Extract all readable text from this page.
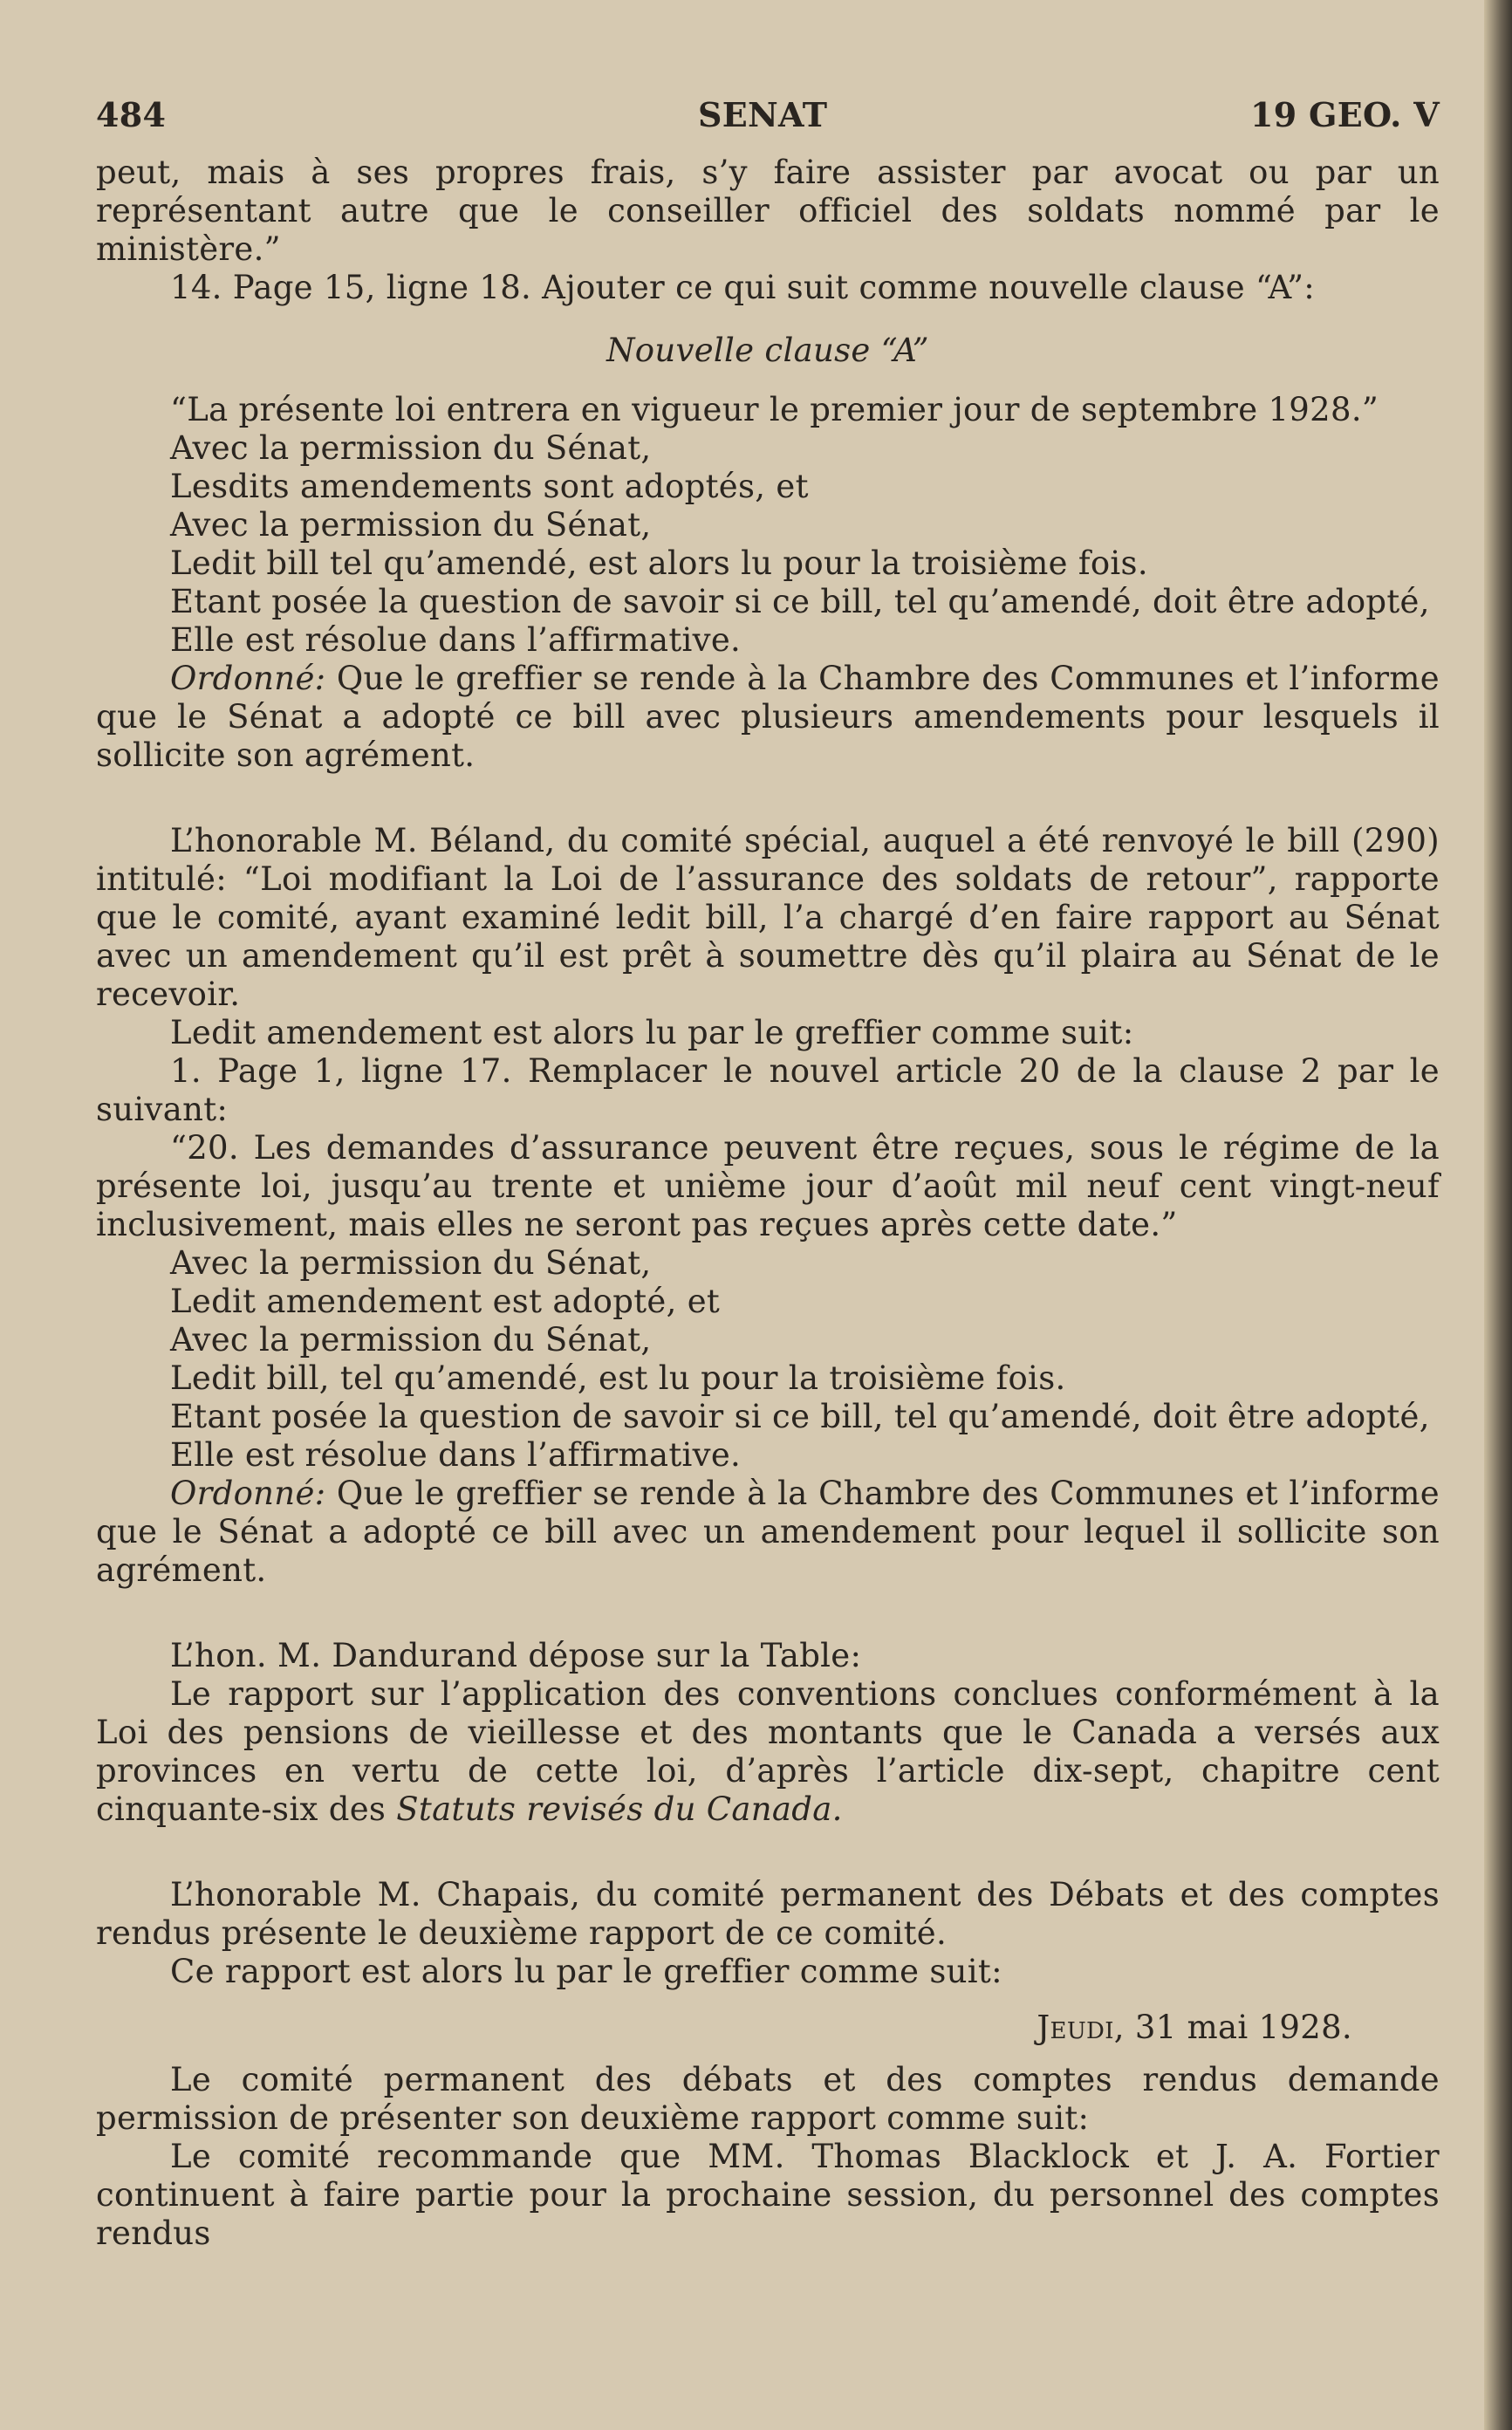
484	SENAT	19 GEO. V

peut, mais à ses propres frais, s’y faire assister par avocat ou par un représentant autre que le conseiller officiel des soldats nommé par le ministère.”

14. Page 15, ligne 18. Ajouter ce qui suit comme nouvelle clause “A”:

Nouvelle clause “A”

“La présente loi entrera en vigueur le premier jour de septembre 1928.”

Avec la permission du Sénat,

Lesdits amendements sont adoptés, et

Avec la permission du Sénat,

Ledit bill tel qu’amendé, est alors lu pour la troisième fois.

Etant posée la question de savoir si ce bill, tel qu’amendé, doit être adopté,

Elle est résolue dans l’affirmative.

Ordonné: Que le greffier se rende à la Chambre des Communes et l’informe que le Sénat a adopté ce bill avec plusieurs amendements pour lesquels il sollicite son agrément.

L’honorable M. Béland, du comité spécial, auquel a été renvoyé le bill (290) intitulé: “Loi modifiant la Loi de l’assurance des soldats de retour”, rapporte que le comité, ayant examiné ledit bill, l’a chargé d’en faire rapport au Sénat avec un amendement qu’il est prêt à soumettre dès qu’il plaira au Sénat de le recevoir.

Ledit amendement est alors lu par le greffier comme suit:

1. Page 1, ligne 17. Remplacer le nouvel article 20 de la clause 2 par le suivant:

“20. Les demandes d’assurance peuvent être reçues, sous le régime de la présente loi, jusqu’au trente et unième jour d’août mil neuf cent vingt-neuf inclusivement, mais elles ne seront pas reçues après cette date.”

Avec la permission du Sénat,

Ledit amendement est adopté, et

Avec la permission du Sénat,

Ledit bill, tel qu’amendé, est lu pour la troisième fois.

Etant posée la question de savoir si ce bill, tel qu’amendé, doit être adopté,

Elle est résolue dans l’affirmative.

Ordonné: Que le greffier se rende à la Chambre des Communes et l’informe que le Sénat a adopté ce bill avec un amendement pour lequel il sollicite son agrément.

L’hon. M. Dandurand dépose sur la Table:

Le rapport sur l’application des conventions conclues conformément à la Loi des pensions de vieillesse et des montants que le Canada a versés aux provinces en vertu de cette loi, d’après l’article dix-sept, chapitre cent cinquante-six des Statuts revisés du Canada.

L’honorable M. Chapais, du comité permanent des Débats et des comptes rendus présente le deuxième rapport de ce comité.

Ce rapport est alors lu par le greffier comme suit:

Jeudi, 31 mai 1928.

Le comité permanent des débats et des comptes rendus demande permission de présenter son deuxième rapport comme suit:

Le comité recommande que MM. Thomas Blacklock et J. A. Fortier continuent à faire partie pour la prochaine session, du personnel des comptes rendus
